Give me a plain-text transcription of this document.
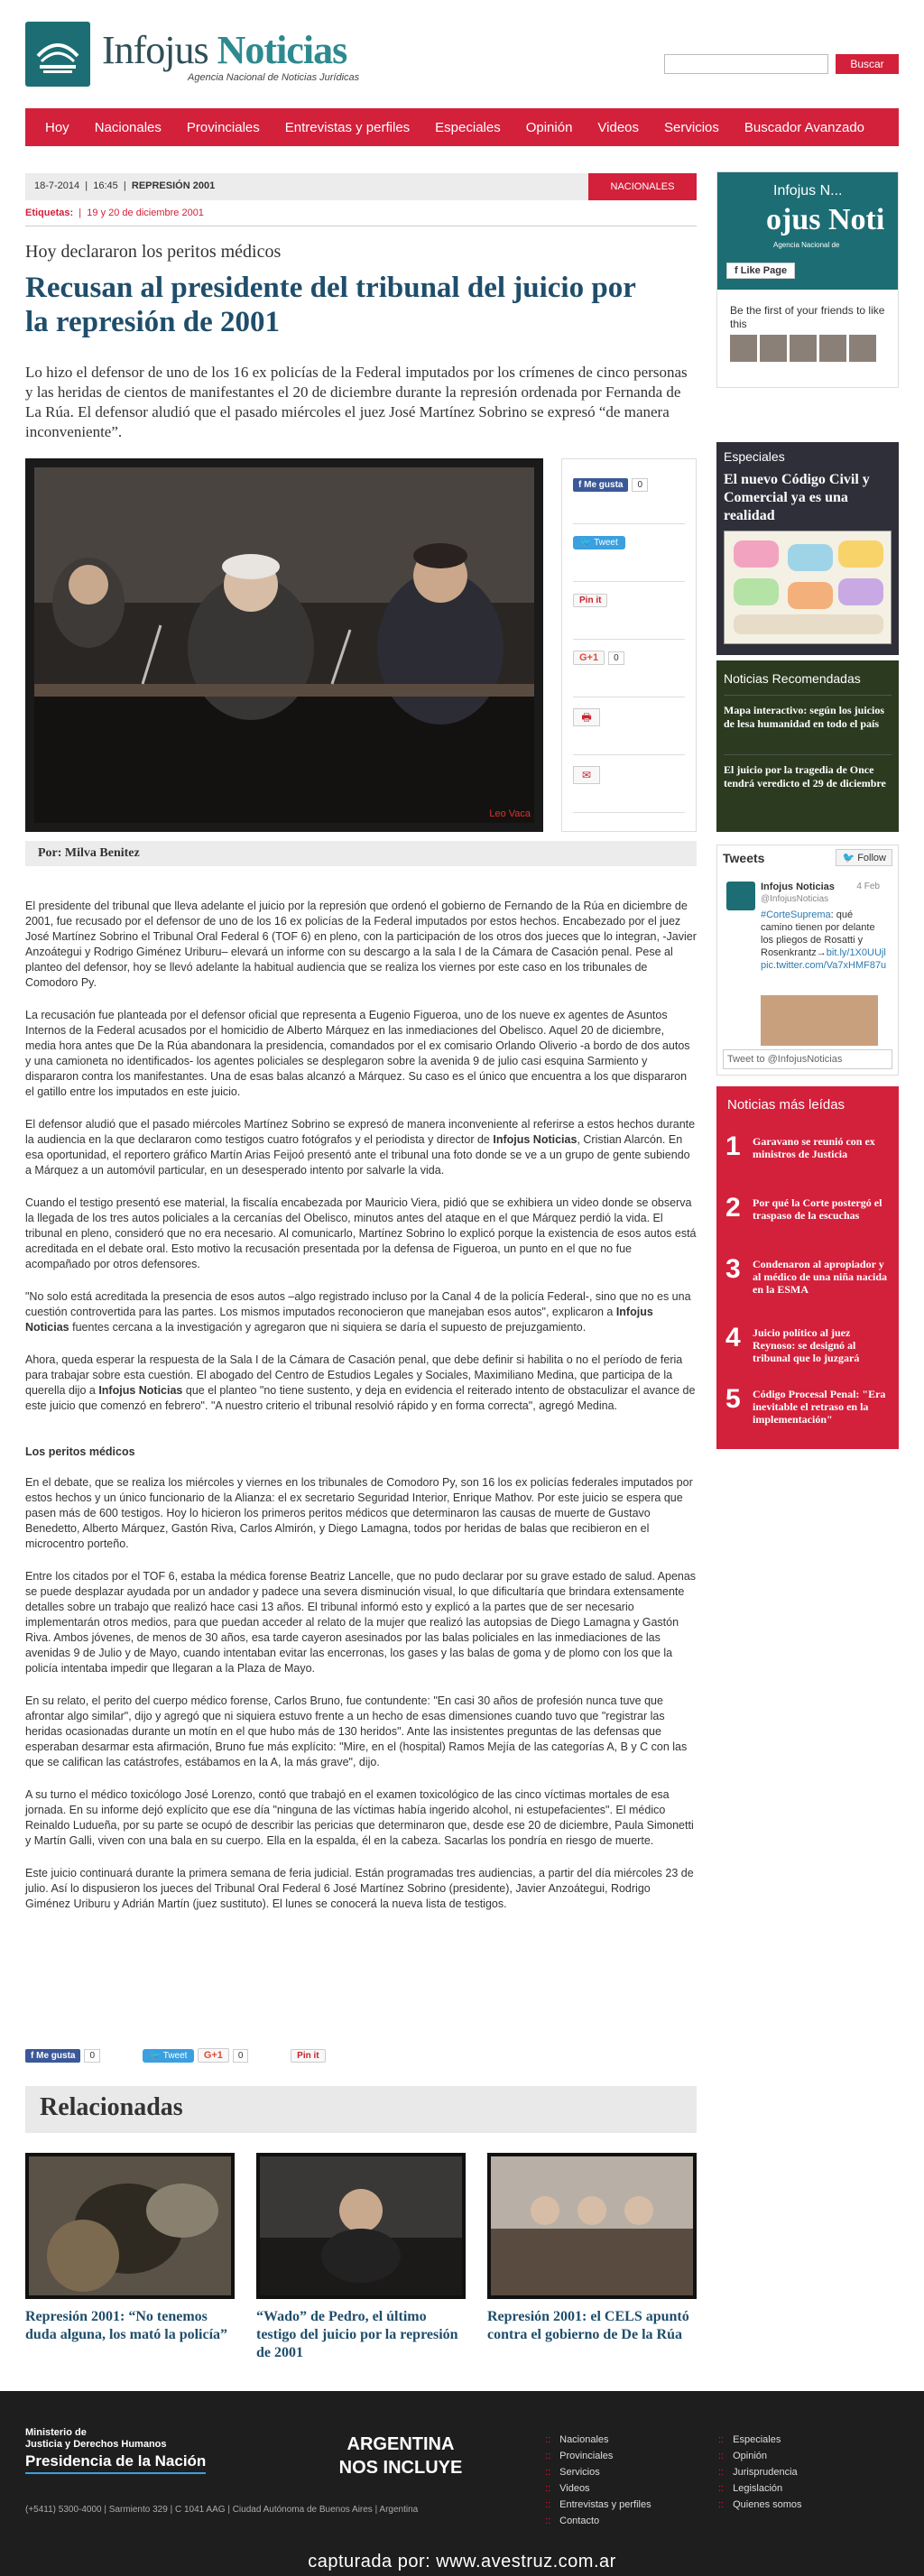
Infojus Noticias
Agencia Nacional de Noticias Jurídicas
Buscar
Hoy	Nacionales	Provinciales	Entrevistas y perfiles	Especiales	Opinión	Videos	Servicios	Buscador Avanzado
18-7-2014  |  16:45  |  REPRESIÓN 2001	NACIONALES
Etiquetas:  |  19 y 20 de diciembre 2001
Hoy declararon los peritos médicos
Recusan al presidente del tribunal del juicio por la represión de 2001
Lo hizo el defensor de uno de los 16 ex policías de la Federal imputados por los crímenes de cinco personas y las heridas de cientos de manifestantes el 20 de diciembre durante la represión ordenada por Fernanda de La Rúa. El defensor aludió que el pasado miércoles el juez José Martínez Sobrino se expresó “de manera inconveniente”.
Leo Vaca
f Me gusta 0
🐦 Tweet
Pin it
G+1 0
🖶
✉
Por: Milva Benitez

El presidente del tribunal que lleva adelante el juicio por la represión que ordenó el gobierno de Fernando de la Rúa en diciembre de 2001, fue recusado por el defensor de uno de los 16 ex policías de la Federal imputados por estos hechos. Encabezado por el juez José Martínez Sobrino el Tribunal Oral Federal 6 (TOF 6) en pleno, con la participación de los otros dos jueces que lo integran, -Javier Anzoátegui y Rodrigo Giménez Uriburu– elevará un informe con su descargo a la sala I de la Cámara de Casación penal. Pese al planteo del defensor, hoy se llevó adelante la habitual audiencia que se realiza los viernes por este caso en los tribunales de Comodoro Py.

La recusación fue planteada por el defensor oficial que representa a Eugenio Figueroa, uno de los nueve ex agentes de Asuntos Internos de la Federal acusados por el homicidio de Alberto Márquez en las inmediaciones del Obelisco. Aquel 20 de diciembre, media hora antes que De la Rúa abandonara la presidencia, comandados por el ex comisario Orlando Oliverio -a bordo de dos autos y una camioneta no identificados- los agentes policiales se desplegaron sobre la avenida 9 de julio casi esquina Sarmiento y dispararon contra los manifestantes. Una de esas balas alcanzó a Márquez. Su caso es el único que encuentra a los que dispararon el gatillo entre los imputados en este juicio.

El defensor aludió que el pasado miércoles Martínez Sobrino se expresó de manera inconveniente al referirse a estos hechos durante la audiencia en la que declararon como testigos cuatro fotógrafos y el periodista y director de Infojus Noticias, Cristian Alarcón. En esa oportunidad, el reportero gráfico Martín Arias Feijoó presentó ante el tribunal una foto donde se ve a un grupo de gente subiendo a Márquez a un automóvil particular, en un desesperado intento por salvarle la vida.

Cuando el testigo presentó ese material, la fiscalía encabezada por Mauricio Viera, pidió que se exhibiera un video donde se observa la llegada de los tres autos policiales a la cercanías del Obelisco, minutos antes del ataque en el que Márquez perdió la vida. El tribunal en pleno, consideró que no era necesario. Al comunicarlo, Martínez Sobrino lo explicó porque la existencia de esos autos está acreditada en el debate oral. Esto motivo la recusación presentada por la defensa de Figueroa, un punto en el que no fue acompañado por otros defensores.

"No solo está acreditada la presencia de esos autos –algo registrado incluso por la Canal 4 de la policía Federal-, sino que no es una cuestión controvertida para las partes. Los mismos imputados reconocieron que manejaban esos autos", explicaron a Infojus Noticias fuentes cercana a la investigación y agregaron que ni siquiera se daría el supuesto de prejuzgamiento.

Ahora, queda esperar la respuesta de la Sala I de la Cámara de Casación penal, que debe definir si habilita o no el período de feria para trabajar sobre esta cuestión. El abogado del Centro de Estudios Legales y Sociales, Maximiliano Medina, que participa de la querella dijo a Infojus Noticias que el planteo "no tiene sustento, y deja en evidencia el reiterado intento de obstaculizar el avance de este juicio que comenzó en febrero". "A nuestro criterio el tribunal resolvió rápido y en forma correcta", agregó Medina.

Los peritos médicos

En el debate, que se realiza los miércoles y viernes en los tribunales de Comodoro Py, son 16 los ex policías federales imputados por estos hechos y un único funcionario de la Alianza: el ex secretario Seguridad Interior, Enrique Mathov. Por este juicio se espera que pasen más de 600 testigos. Hoy lo hicieron los primeros peritos médicos que determinaron las causas de muerte de Gustavo Benedetto, Alberto Márquez, Gastón Riva, Carlos Almirón, y Diego Lamagna, todos por heridas de balas que recibieron en el microcentro porteño.

Entre los citados por el TOF 6, estaba la médica forense Beatriz Lancelle, que no pudo declarar por su grave estado de salud. Apenas se puede desplazar ayudada por un andador y padece una severa disminución visual, lo que dificultaría que brindara extensamente detalles sobre un trabajo que realizó hace casi 13 años. El tribunal informó esto y explicó a la partes que de ser necesario implementarán otros medios, para que puedan acceder al relato de la mujer que realizó las autopsias de Diego Lamagna y Gastón Riva. Ambos jóvenes, de menos de 30 años, esa tarde cayeron asesinados por las balas policiales en las inmediaciones de las avenidas 9 de Julio y de Mayo, cuando intentaban evitar las encerronas, los gases y las balas de goma y de plomo con los que la policía intentaba impedir que llegaran a la Plaza de Mayo.

En su relato, el perito del cuerpo médico forense, Carlos Bruno, fue contundente: "En casi 30 años de profesión nunca tuve que afrontar algo similar", dijo y agregó que ni siquiera estuvo frente a un hecho de esas dimensiones cuando tuvo que "registrar las heridas ocasionadas durante un motín en el que hubo más de 130 heridos". Ante las insistentes preguntas de las defensas que esperaban desarmar esta afirmación, Bruno fue más explícito: "Mire, en el (hospital) Ramos Mejía de las categorías A, B y C con las que se califican las catástrofes, estábamos en la A, la más grave", dijo.

A su turno el médico toxicólogo José Lorenzo, contó que trabajó en el examen toxicológico de las cinco víctimas mortales de esa jornada. En su informe dejó explícito que ese día "ninguna de las víctimas había ingerido alcohol, ni estupefacientes". El médico Reinaldo Ludueña, por su parte se ocupó de describir las pericias que determinaron que, desde ese 20 de diciembre, Paula Simonetti y Martín Galli, viven con una bala en su cuerpo. Ella en la espalda, él en la cabeza. Sacarlas los pondría en riesgo de muerte.

Este juicio continuará durante la primera semana de feria judicial. Están programadas tres audiencias, a partir del día miércoles 23 de julio. Así lo dispusieron los jueces del Tribunal Oral Federal 6 José Martínez Sobrino (presidente), Javier Anzoátegui, Rodrigo Giménez Uriburu y Adrián Martín (juez sustituto). El lunes se conocerá la nueva lista de testigos.

f Me gusta 0	🐦 Tweet G+1 0	Pin it
Relacionadas
Represión 2001: “No tenemos duda alguna, los mató la policía”
“Wado” de Pedro, el último testigo del juicio por la represión de 2001
Represión 2001: el CELS apuntó contra el gobierno de De la Rúa
Infojus N...
ojus Noti
Agencia Nacional de
f Like Page
Be the first of your friends to like this
Especiales
El nuevo Código Civil y Comercial ya es una realidad
Noticias Recomendadas
Mapa interactivo: según los juicios de lesa humanidad en todo el país
El juicio por la tragedia de Once tendrá veredicto el 29 de diciembre
Tweets	🐦 Follow
Infojus Noticias 4 Feb
@InfojusNoticias
#CorteSuprema: qué camino tienen por delante los pliegos de Rosatti y Rosenkrantz→bit.ly/1X0UUjl pic.twitter.com/Va7xHMF87u
Tweet to @InfojusNoticias
Noticias más leídas
1 Garavano se reunió con ex ministros de Justicia
2 Por qué la Corte postergó el traspaso de la escuchas
3 Condenaron al apropiador y al médico de una niña nacida en la ESMA
4 Juicio político al juez Reynoso: se designó al tribunal que lo juzgará
5 Código Procesal Penal: "Era inevitable el retraso en la implementación"
Ministerio de
Justicia y Derechos Humanos
Presidencia de la Nación
(+5411) 5300-4000 | Sarmiento 329 | C 1041 AAG | Ciudad Autónoma de Buenos Aires | Argentina
ARGENTINA
NOS INCLUYE
:: Nacionales
:: Provinciales
:: Servicios
:: Videos
:: Entrevistas y perfiles
:: Contacto
:: Especiales
:: Opinión
:: Jurisprudencia
:: Legislación
:: Quienes somos
capturada por: www.avestruz.com.ar
